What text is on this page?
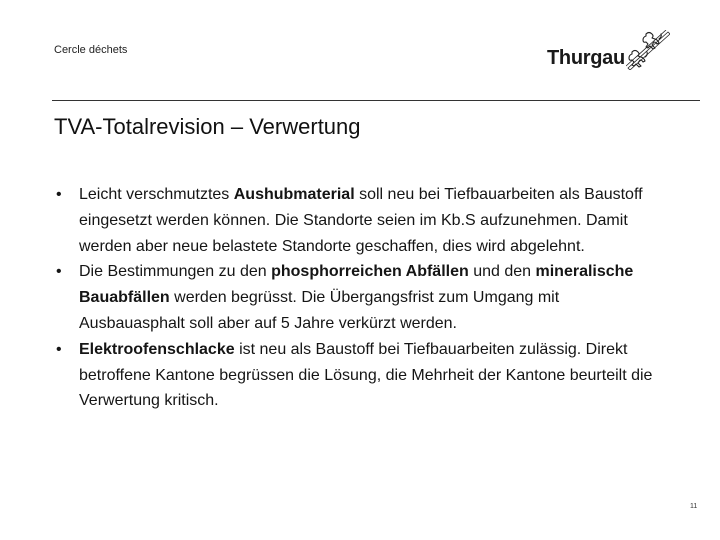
Cercle déchets	Thurgau
TVA-Totalrevision – Verwertung
• Leicht verschmutztes Aushubmaterial soll neu bei Tiefbauarbeiten als Baustoff eingesetzt werden können. Die Standorte seien im Kb.S aufzunehmen. Damit werden aber neue belastete Standorte geschaffen, dies wird abgelehnt.
• Die Bestimmungen zu den phosphorreichen Abfällen und den mineralische Bauabfällen werden begrüsst. Die Übergangsfrist zum Umgang mit Ausbauasphalt soll aber auf 5 Jahre verkürzt werden.
• Elektroofenschlacke ist neu als Baustoff bei Tiefbauarbeiten zulässig. Direkt betroffene Kantone begrüssen die Lösung, die Mehrheit der Kantone beurteilt die Verwertung kritisch.
11
